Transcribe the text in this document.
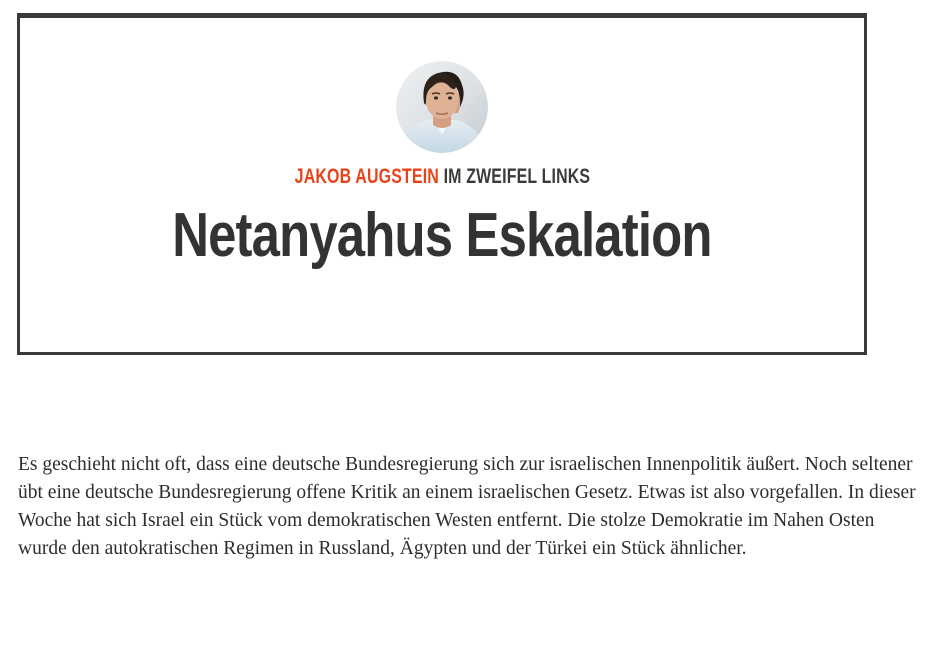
JAKOB AUGSTEIN IM ZWEIFEL LINKS
Netanyahus Eskalation

Es geschieht nicht oft, dass eine deutsche Bundesregierung sich zur israelischen Innenpolitik äußert. Noch seltener übt eine deutsche Bundesregierung offene Kritik an einem israelischen Gesetz. Etwas ist also vorgefallen. In dieser Woche hat sich Israel ein Stück vom demokratischen Westen entfernt. Die stolze Demokratie im Nahen Osten wurde den autokratischen Regimen in Russland, Ägypten und der Türkei ein Stück ähnlicher.
